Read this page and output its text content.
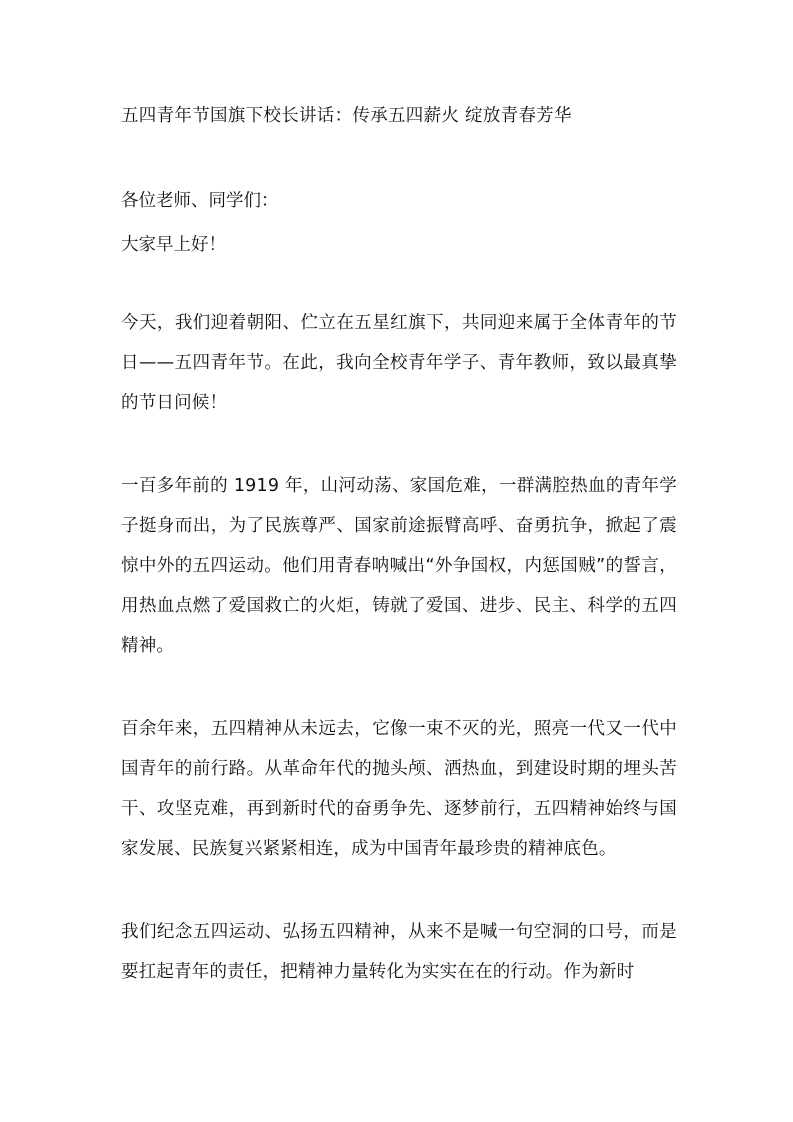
五四青年节国旗下校长讲话：传承五四薪火 绽放青春芳华

各位老师、同学们：

大家早上好！

今天，我们迎着朝阳、伫立在五星红旗下，共同迎来属于全体青年的节日——五四青年节。在此，我向全校青年学子、青年教师，致以最真挚的节日问候！

一百多年前的 1919 年，山河动荡、家国危难，一群满腔热血的青年学子挺身而出，为了民族尊严、国家前途振臂高呼、奋勇抗争，掀起了震惊中外的五四运动。他们用青春呐喊出“外争国权，内惩国贼”的誓言，用热血点燃了爱国救亡的火炬，铸就了爱国、进步、民主、科学的五四精神。

百余年来，五四精神从未远去，它像一束不灭的光，照亮一代又一代中国青年的前行路。从革命年代的抛头颅、洒热血，到建设时期的埋头苦干、攻坚克难，再到新时代的奋勇争先、逐梦前行，五四精神始终与国家发展、民族复兴紧紧相连，成为中国青年最珍贵的精神底色。

我们纪念五四运动、弘扬五四精神，从来不是喊一句空洞的口号，而是要扛起青年的责任，把精神力量转化为实实在在的行动。作为新时
